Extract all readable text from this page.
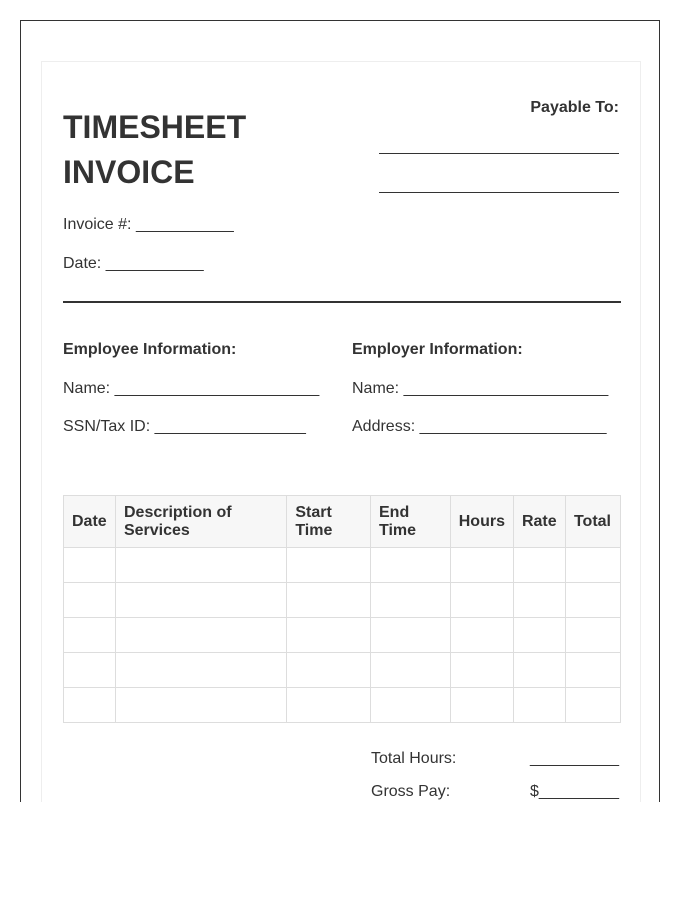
TIMESHEET
INVOICE
Payable To:
Invoice #: ___________
Date: ___________
Employee Information:
Name: _______________________
SSN/Tax ID: _________________
Employer Information:
Name: _______________________
Address: _____________________
Date	Description of Services	Start Time	End Time	Hours	Rate	Total

Total Hours:	__________
Gross Pay:	$_________
